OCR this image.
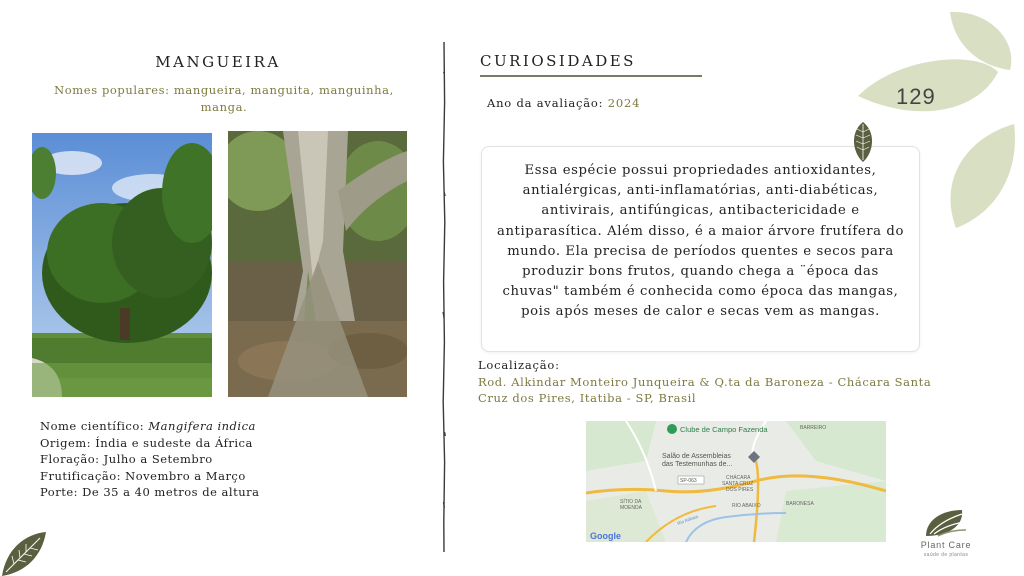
MANGUEIRA
Nomes populares: mangueira, manguita, manguinha, manga.
Nome científico: Mangifera indica
Origem: Índia e sudeste da África
Floração: Julho a Setembro
Frutificação: Novembro a Março
Porte: De 35 a 40 metros de altura
CURIOSIDADES
Ano da avaliação: 2024
Essa espécie possui propriedades antioxidantes, antialérgicas, anti-inflamatórias, anti-diabéticas, antivirais, antifúngicas, antibactericidade e antiparasítica. Além disso, é a maior árvore frutífera do mundo. Ela precisa de períodos quentes e secos para produzir bons frutos, quando chega a ¨época das chuvas" também é conhecida como época das mangas, pois após meses de calor e secas vem as mangas.
Localização:
Rod. Alkindar Monteiro Junqueira & Q.ta da Baroneza - Chácara Santa Cruz dos Pires, Itatiba - SP, Brasil
SP-063
Clube de Campo Fazenda	BARREIRO
Salão de Assembleias
das Testemunhas de...
CHÁCARA
SANTA CRUZ
DOS PIRES
SÍTIO DA
MOENDA
BARONESA
RIO ABAIXO
Rio Atibaia
Google
129
Plant Care
saúde de plantas
